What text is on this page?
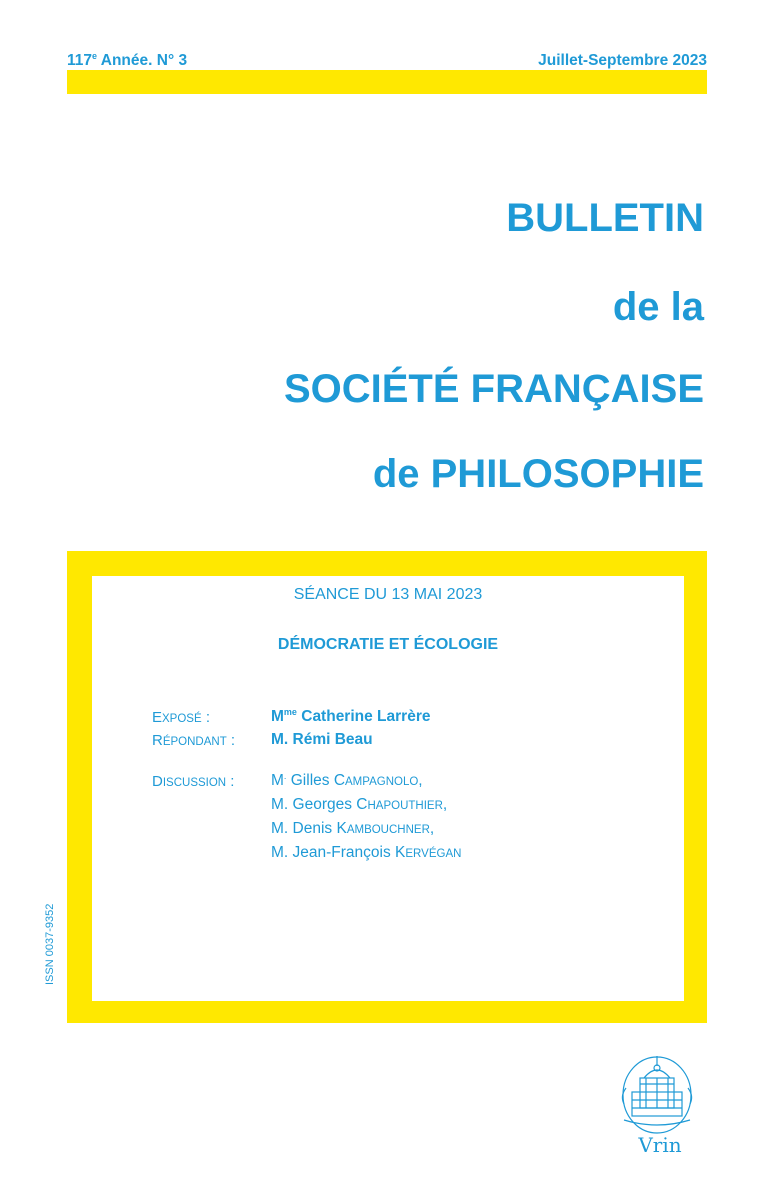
117e Année. N° 3	Juillet-Septembre 2023
BULLETIN
de la
SOCIÉTÉ FRANÇAISE
de PHILOSOPHIE
SÉANCE DU 13 MAI 2023
DÉMOCRATIE ET ÉCOLOGIE
EXPOSÉ :	$M^{me}$ Catherine Larrère
RÉPONDANT : M. Rémi Beau
DISCUSSION : M. Gilles CAMPAGNOLO,
M. Georges CHAPOUTHIER,
M. Denis KAMBOUCHNER,
M. Jean-François KERVÉGAN
ISSN 0037-9352
Vrin
